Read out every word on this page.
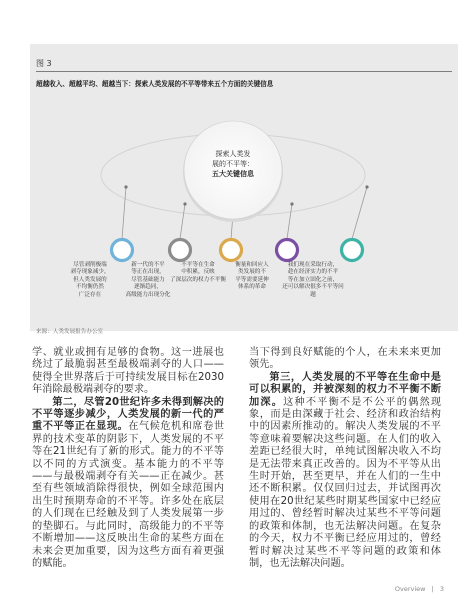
图 3
超越收入、超越平均、超越当下：探索人类发展的不平等带来五个方面的关键信息
来源：人类发展报告办公室
探索人类发
展的不平等：
五大关键信息
尽管剥削极端
剥夺现象减少，
但人类发展的
不均衡仍然
广泛存在
新一代的不平
等正在出现，
尽管基础能力
逐渐趋同，
高级能力出现分化
不平等在生命
中积累，反映
了深层次的权力不平衡
衡量和回应人
类发展的不
平等需要延伸
体系的革命
我们现在采取行动，
趁在经济实力的不平
等在加立固化之前，
还可以解决很多不平等问题

学、就业或拥有足够的食物。这一进展也绕过了最脆弱甚至最极端剥夺的人口——使得全世界落后于可持续发展目标在2030年消除最极端剥夺的要求。

第二，尽管20世纪许多未得到解决的不平等逐步减少，人类发展的新一代的严重不平等正在显现。在气候危机和席卷世界的技术变革的阴影下，人类发展的不平等在21世纪有了新的形式。能力的不平等以不同的方式演变。基本能力的不平等——与最极端剥夺有关——正在减少。甚至有些领域消除得很快，例如全球范围内出生时预期寿命的不平等。许多处在底层的人们现在已经触及到了人类发展第一步的垫脚石。与此同时，高级能力的不平等不断增加——这反映出生命的某些方面在未来会更加重要，因为这些方面有着更强的赋能。

当下得到良好赋能的个人，在未来来更加领先。

第三，人类发展的不平等在生命中是可以积累的，并被深刻的权力不平衡不断加深。这种不平衡不是不公平的偶然现象，而是由深藏于社会、经济和政治结构中的因素所推动的。解决人类发展的不平等意味着要解决这些问题。在人们的收入差距已经很大时，单纯试图解决收入不均是无法带来真正改善的。因为不平等从出生时开始，甚至更早，并在人们的一生中还不断积累。仅仅回归过去，并试图再次使用在20世纪某些时期某些国家中已经应用过的、曾经暂时解决过某些不平等问题的政策和体制，也无法解决问题。在复杂的今天，权力不平衡已经应用过的，曾经暂时解决过某些不平等问题的政策和体制，也无法解决问题。

Overview | 3
